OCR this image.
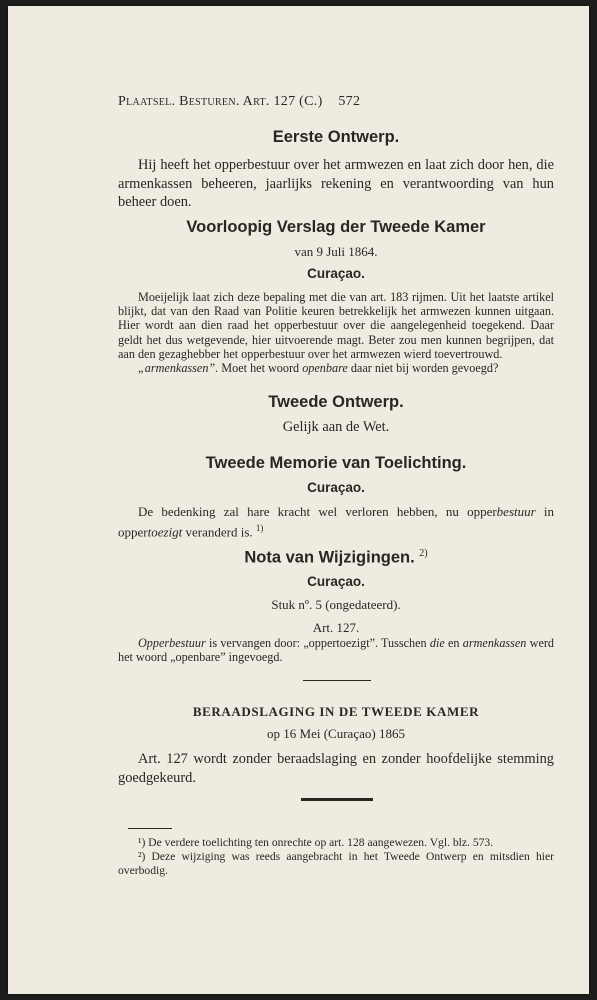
Plaatsel. Besturen. Art. 127 (C.) 572
Eerste Ontwerp.

Hij heeft het opperbestuur over het armwezen en laat zich door hen, die armenkassen beheeren, jaarlijks rekening en verantwoording van hun beheer doen.

Voorloopig Verslag der Tweede Kamer
van 9 Juli 1864.
Curaçao.

Moeijelijk laat zich deze bepaling met die van art. 183 rijmen. Uit het laatste artikel blijkt, dat van den Raad van Politie keuren betrekkelijk het armwezen kunnen uitgaan. Hier wordt aan dien raad het opperbestuur over die aangelegenheid toegekend. Daar geldt het dus wetgevende, hier uitvoerende magt. Beter zou men kunnen begrijpen, dat aan den gezaghebber het opperbestuur over het armwezen wierd toevertrouwd.

„armenkassen”. Moet het woord openbare daar niet bij worden gevoegd?

Tweede Ontwerp.
Gelijk aan de Wet.
Tweede Memorie van Toelichting.
Curaçao.

De bedenking zal hare kracht wel verloren hebben, nu opperbestuur in oppertoezigt veranderd is. $^{1)}$

Nota van Wijzigingen. $^{2)}$
Curaçao.
Stuk nº. 5 (ongedateerd).
Art. 127.

Opperbestuur is vervangen door: „oppertoezigt”. Tusschen die en armenkassen werd het woord „openbare” ingevoegd.

BERAADSLAGING IN DE TWEEDE KAMER
op 16 Mei (Curaçao) 1865

Art. 127 wordt zonder beraadslaging en zonder hoofdelijke stemming goedgekeurd.

¹) De verdere toelichting ten onrechte op art. 128 aangewezen. Vgl. blz. 573.

²) Deze wijziging was reeds aangebracht in het Tweede Ontwerp en mitsdien hier overbodig.
